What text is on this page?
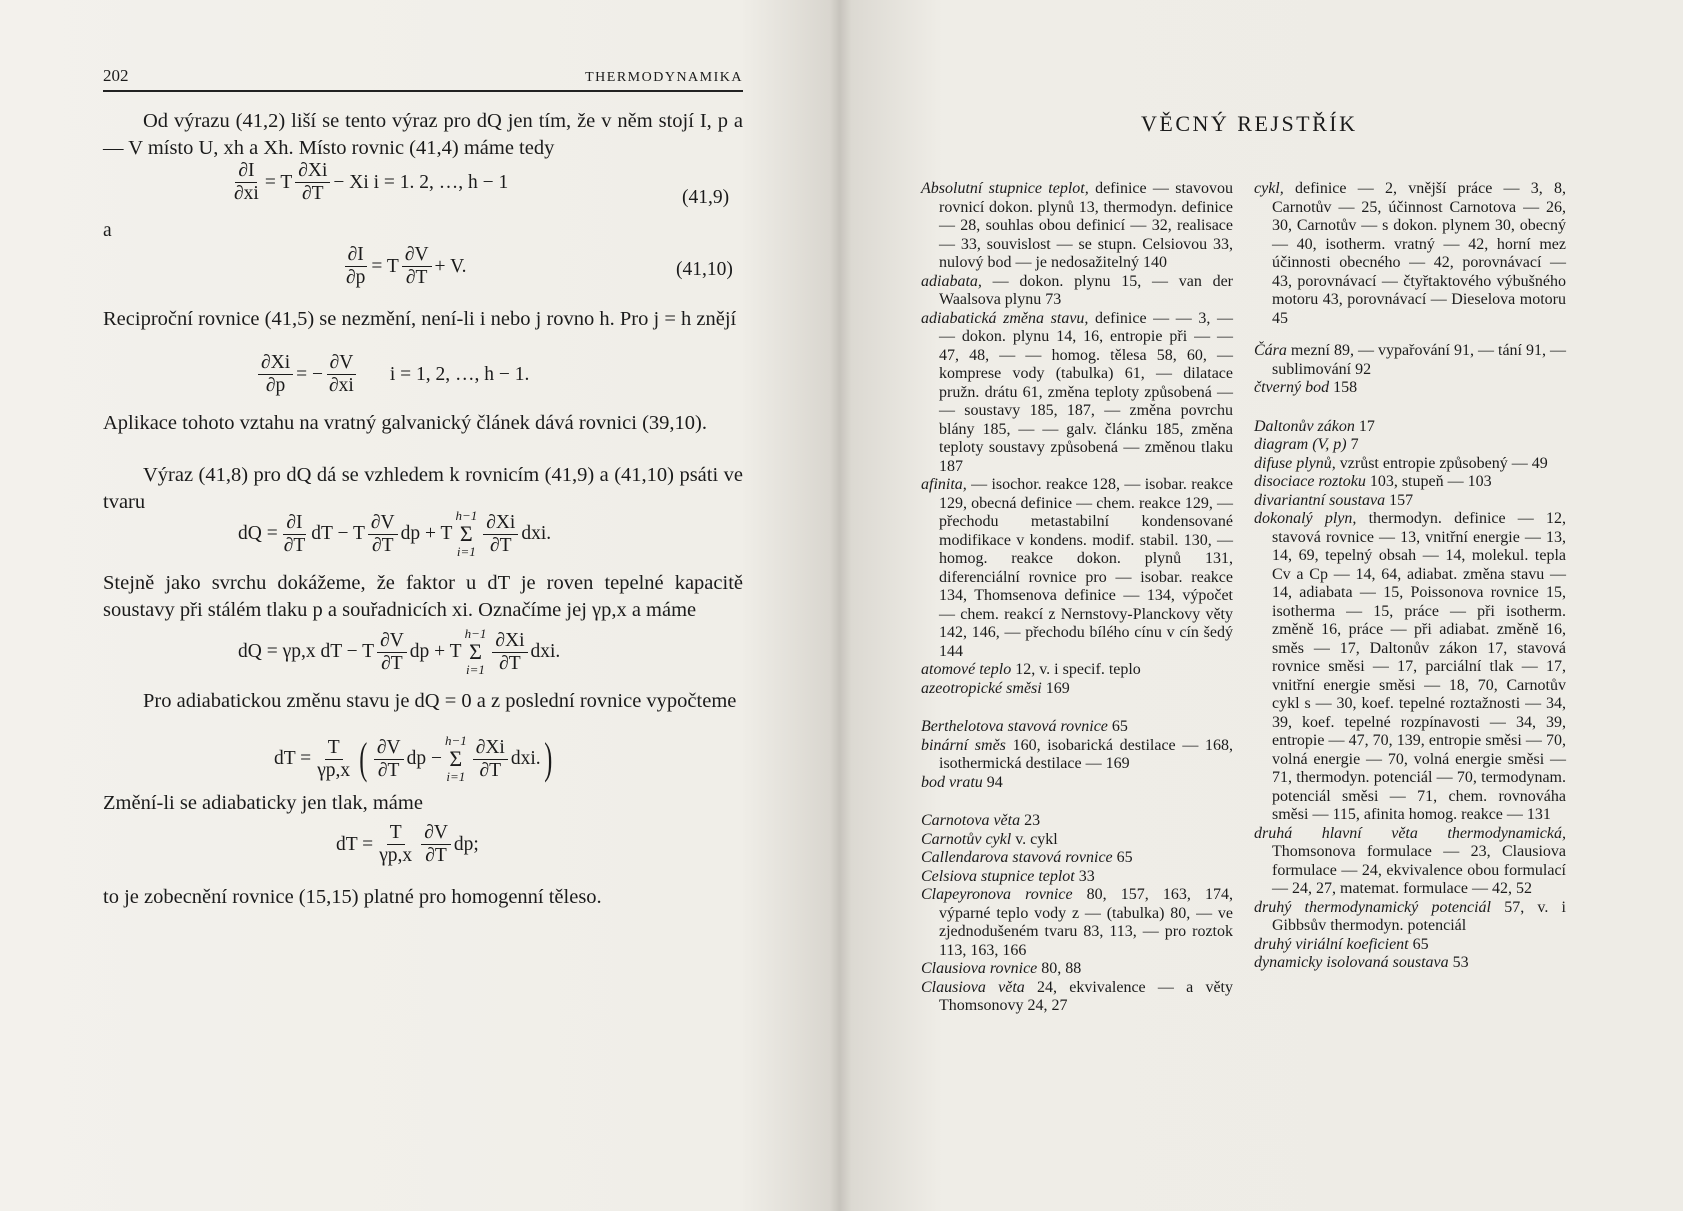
202	THERMODYNAMIKA

Od výrazu (41,2) liší se tento výraz pro dQ jen tím, že v něm stojí I, p a — V místo U, xh a Xh. Místo rovnic (41,4) máme tedy

$\frac{\partial I}{\partial xi} = T \frac{\partial Xi}{\partial T} - Xi$ i = 1. 2, …, h − 1
(41,9)
a
$\frac{\partial I}{\partial p} = T \frac{\partial V}{\partial T} + V$.	(41,10)

Reciproční rovnice (41,5) se nezmění, není-li i nebo j rovno h. Pro j = h znějí

$\frac{\partial Xi}{\partial p}$ = − $\frac{\partial V}{\partial xi}$ i = 1, 2, …, h − 1.

Aplikace tohoto vztahu na vratný galvanický článek dává rovnici (39,10).

Výraz (41,8) pro dQ dá se vzhledem k rovnicím (41,9) a (41,10) psáti ve tvaru

dQ = $\frac{\partial I}{\partial T}$ dT − T $\frac{\partial V}{\partial T}$ dp + T
h−1
Σ
$i=1 \frac{\partial Xi}{\partial T}$ dxi.

Stejně jako svrchu dokážeme, že faktor u dT je roven tepelné kapacitě soustavy při stálém tlaku p a souřadnicích xi. Označíme jej γp,x a máme

dQ = γp,x dT − T $\frac{\partial V}{\partial T}$ dp + T
h−1
Σ
$i=1 \frac{\partial Xi}{\partial T}$ dxi.

Pro adiabatickou změnu stavu je dQ = 0 a z poslední rovnice vypočteme

dT = $\frac{T}{\gamma p,x}$ ( $\frac{\partial V}{\partial T}$ dp −
h−1
Σ
$i=1 \frac{\partial Xi}{\partial T}$ dxi. )

Změní-li se adiabaticky jen tlak, máme

dT = $\frac{T}{\gamma p,x} \frac{\partial V}{\partial T}$ dp;

to je zobecnění rovnice (15,15) platné pro homogenní těleso.

VĚCNÝ REJSTŘÍK

Absolutní stupnice teplot, definice — stavovou rovnicí dokon. plynů 13, thermodyn. definice — 28, souhlas obou definicí — 32, realisace — 33, souvislost — se stupn. Celsiovou 33, nulový bod — je nedosažitelný 140

adiabata, — dokon. plynu 15, — van der Waalsova plynu 73

adiabatická změna stavu, definice — — 3, — — dokon. plynu 14, 16, entropie při — — 47, 48, — — homog. tělesa 58, 60, — komprese vody (tabulka) 61, — dilatace pružn. drátu 61, změna teploty způsobená — — soustavy 185, 187, — změna povrchu blány 185, — — galv. článku 185, změna teploty soustavy způsobená — změnou tlaku 187

afinita, — isochor. reakce 128, — isobar. reakce 129, obecná definice — chem. reakce 129, — přechodu metastabilní kondensované modifikace v kondens. modif. stabil. 130, — homog. reakce dokon. plynů 131, diferenciální rovnice pro — isobar. reakce 134, Thomsenova definice — 134, výpočet — chem. reakcí z Nernstovy-Planckovy věty 142, 146, — přechodu bílého cínu v cín šedý 144

atomové teplo 12, v. i specif. teplo

azeotropické směsi 169

Berthelotova stavová rovnice 65

binární směs 160, isobarická destilace — 168, isothermická destilace — 169

bod vratu 94

Carnotova věta 23

Carnotův cykl v. cykl

Callendarova stavová rovnice 65

Celsiova stupnice teplot 33

Clapeyronova rovnice 80, 157, 163, 174, výparné teplo vody z — (tabulka) 80, — ve zjednodušeném tvaru 83, 113, — pro roztok 113, 163, 166

Clausiova rovnice 80, 88

Clausiova věta 24, ekvivalence — a věty Thomsonovy 24, 27

cykl, definice — 2, vnější práce — 3, 8, Carnotův — 25, účinnost Carnotova — 26, 30, Carnotův — s dokon. plynem 30, obecný — 40, isotherm. vratný — 42, horní mez účinnosti obecného — 42, porovnávací — 43, porovnávací — čtyřtaktového výbušného motoru 43, porovnávací — Dieselova motoru 45

Čára mezní 89, — vypařování 91, — tání 91, — sublimování 92

čtverný bod 158

Daltonův zákon 17

diagram (V, p) 7

difuse plynů, vzrůst entropie způsobený — 49

disociace roztoku 103, stupeň — 103

divariantní soustava 157

dokonalý plyn, thermodyn. definice — 12, stavová rovnice — 13, vnitřní energie — 13, 14, 69, tepelný obsah — 14, molekul. tepla Cv a Cp — 14, 64, adiabat. změna stavu — 14, adiabata — 15, Poissonova rovnice 15, isotherma — 15, práce — při isotherm. změně 16, práce — při adiabat. změně 16, směs — 17, Daltonův zákon 17, stavová rovnice směsi — 17, parciální tlak — 17, vnitřní energie směsi — 18, 70, Carnotův cykl s — 30, koef. tepelné roztažnosti — 34, 39, koef. tepelné rozpínavosti — 34, 39, entropie — 47, 70, 139, entropie směsi — 70, volná energie — 70, volná energie směsi — 71, thermodyn. potenciál — 70, termodynam. potenciál směsi — 71, chem. rovnováha směsi — 115, afinita homog. reakce — 131

druhá hlavní věta thermodynamická, Thomsonova formulace — 23, Clausiova formulace — 24, ekvivalence obou formulací — 24, 27, matemat. formulace — 42, 52

druhý thermodynamický potenciál 57, v. i Gibbsův thermodyn. potenciál

druhý viriální koeficient 65

dynamicky isolovaná soustava 53
